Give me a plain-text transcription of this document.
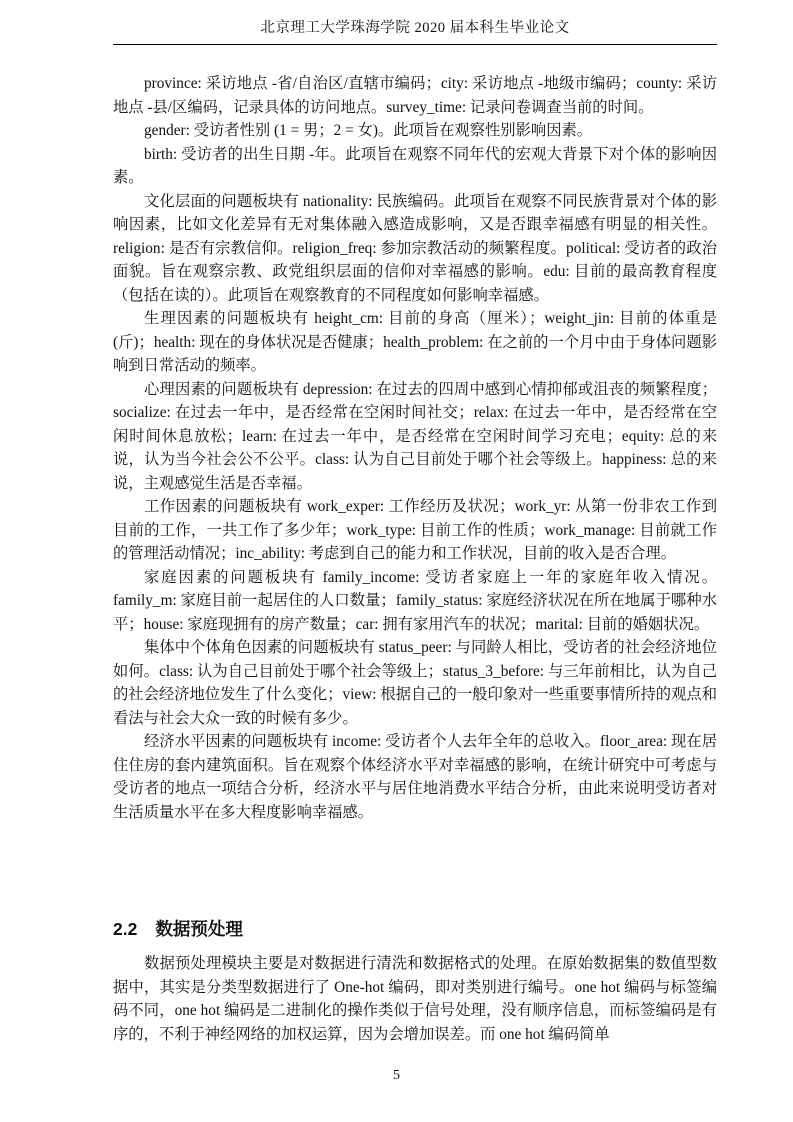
北京理工大学珠海学院 2020 届本科生毕业论文

province: 采访地点 -省/自治区/直辖市编码；city: 采访地点 -地级市编码；county: 采访地点 -县/区编码，记录具体的访问地点。survey_time: 记录问卷调查当前的时间。

gender: 受访者性别 (1 = 男；2 = 女)。此项旨在观察性别影响因素。

birth: 受访者的出生日期 -年。此项旨在观察不同年代的宏观大背景下对个体的影响因素。

文化层面的问题板块有 nationality: 民族编码。此项旨在观察不同民族背景对个体的影响因素，比如文化差异有无对集体融入感造成影响，又是否跟幸福感有明显的相关性。religion: 是否有宗教信仰。religion_freq: 参加宗教活动的频繁程度。political: 受访者的政治面貌。旨在观察宗教、政党组织层面的信仰对幸福感的影响。edu: 目前的最高教育程度（包括在读的）。此项旨在观察教育的不同程度如何影响幸福感。

生理因素的问题板块有 height_cm: 目前的身高（厘米）；weight_jin: 目前的体重是(斤)；health: 现在的身体状况是否健康；health_problem: 在之前的一个月中由于身体问题影响到日常活动的频率。

心理因素的问题板块有 depression: 在过去的四周中感到心情抑郁或沮丧的频繁程度；socialize: 在过去一年中，是否经常在空闲时间社交；relax: 在过去一年中，是否经常在空闲时间休息放松；learn: 在过去一年中，是否经常在空闲时间学习充电；equity: 总的来说，认为当今社会公不公平。class: 认为自己目前处于哪个社会等级上。happiness: 总的来说，主观感觉生活是否幸福。

工作因素的问题板块有 work_exper: 工作经历及状况；work_yr: 从第一份非农工作到目前的工作，一共工作了多少年；work_type: 目前工作的性质；work_manage: 目前就工作的管理活动情况；inc_ability: 考虑到自己的能力和工作状况，目前的收入是否合理。

家庭因素的问题板块有 family_income: 受访者家庭上一年的家庭年收入情况。family_m: 家庭目前一起居住的人口数量；family_status: 家庭经济状况在所在地属于哪种水平；house: 家庭现拥有的房产数量；car: 拥有家用汽车的状况；marital: 目前的婚姻状况。

集体中个体角色因素的问题板块有 status_peer: 与同龄人相比，受访者的社会经济地位如何。class: 认为自己目前处于哪个社会等级上；status_3_before: 与三年前相比，认为自己的社会经济地位发生了什么变化；view: 根据自己的一般印象对一些重要事情所持的观点和看法与社会大众一致的时候有多少。

经济水平因素的问题板块有 income: 受访者个人去年全年的总收入。floor_area: 现在居住住房的套内建筑面积。旨在观察个体经济水平对幸福感的影响，在统计研究中可考虑与受访者的地点一项结合分析，经济水平与居住地消费水平结合分析，由此来说明受访者对生活质量水平在多大程度影响幸福感。

2.2 数据预处理

数据预处理模块主要是对数据进行清洗和数据格式的处理。在原始数据集的数值型数据中，其实是分类型数据进行了 One-hot 编码，即对类别进行编号。one hot 编码与标签编码不同，one hot 编码是二进制化的操作类似于信号处理，没有顺序信息，而标签编码是有序的，不利于神经网络的加权运算，因为会增加误差。而 one hot 编码简单

5
